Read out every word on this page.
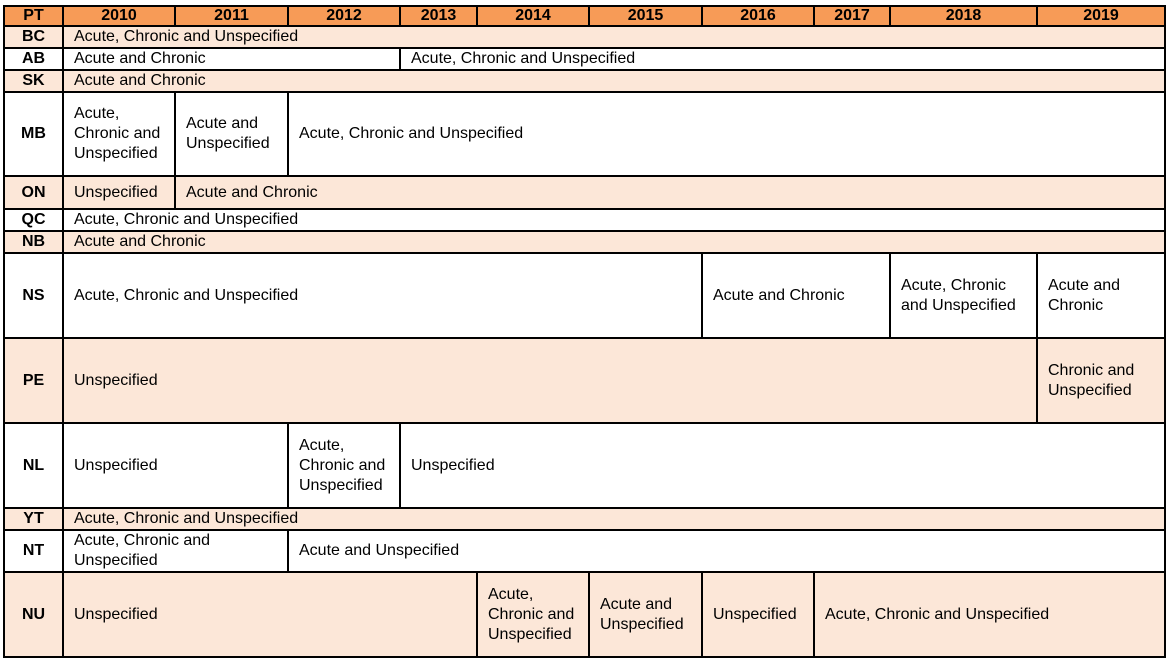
PT	2010	2011	2012	2013	2014	2015	2016	2017	2018	2019
BC	Acute, Chronic and Unspecified									
AB	Acute and Chronic			Acute, Chronic and Unspecified						
SK	Acute and Chronic									
MB	Acute, Chronic and Unspecified	Acute and Unspecified	Acute, Chronic and Unspecified							
ON	Unspecified	Acute and Chronic								
QC	Acute, Chronic and Unspecified									
NB	Acute and Chronic									
NS	Acute, Chronic and Unspecified						Acute and Chronic		Acute, Chronic and Unspecified	Acute and Chronic
PE	Unspecified									Chronic and Unspecified
NL	Unspecified		Acute, Chronic and Unspecified	Unspecified						
YT	Acute, Chronic and Unspecified									
NT	Acute, Chronic and Unspecified		Acute and Unspecified							
NU	Unspecified				Acute, Chronic and Unspecified	Acute and Unspecified	Unspecified	Acute, Chronic and Unspecified		
